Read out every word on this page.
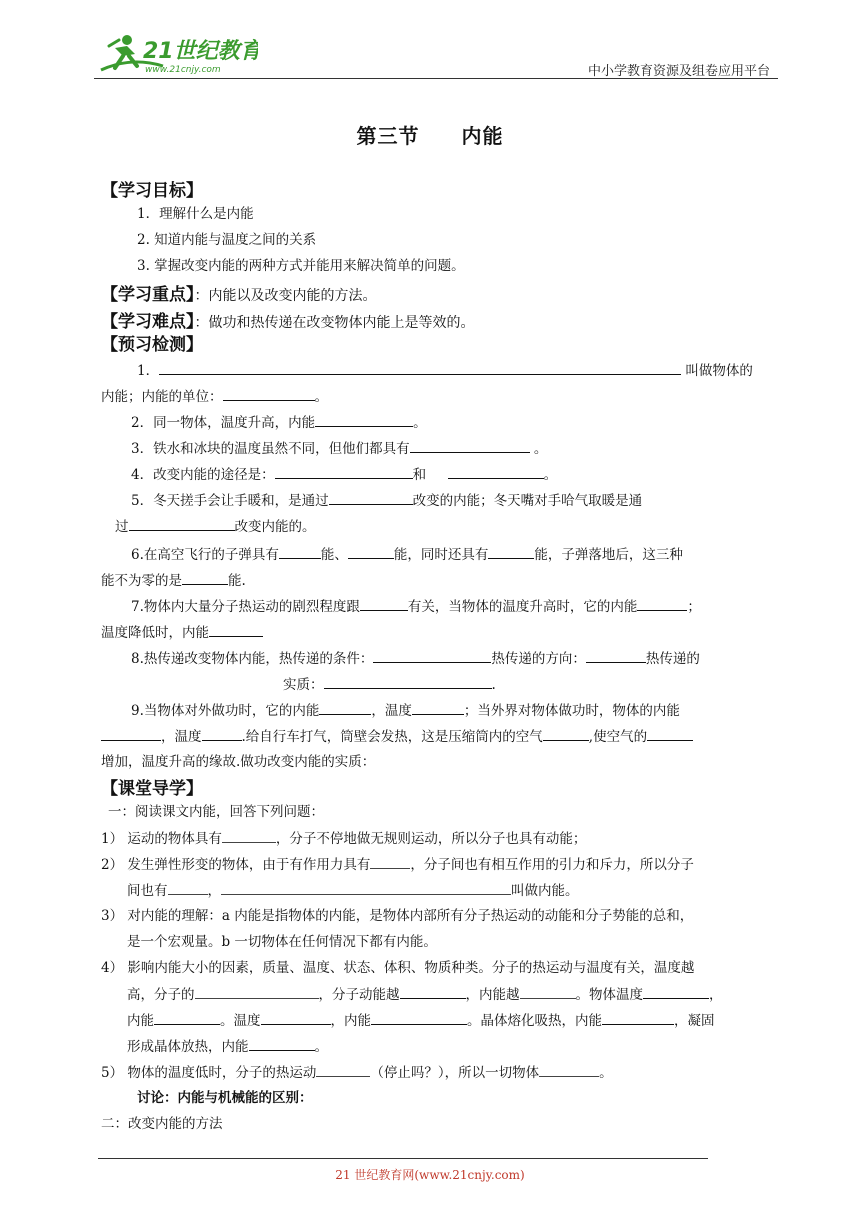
21世纪教育
www.21cnjy.com	中小学教育资源及组卷应用平台
第三节　　内能
【学习目标】
1．理解什么是内能
2. 知道内能与温度之间的关系
3. 掌握改变内能的两种方式并能用来解决简单的问题。
【学习重点】：内能以及改变内能的方法。
【学习难点】：做功和热传递在改变物体内能上是等效的。
【预习检测】
1．	叫做物体的
内能；内能的单位：	。
2．同一物体，温度升高，内能	。
3．铁水和冰块的温度虽然不同，但他们都具有	。
4．改变内能的途径是：	和	。
5．冬天搓手会让手暖和，是通过	改变的内能；冬天嘴对手哈气取暖是通
过	改变内能的。
6.在高空飞行的子弹具有	能、	能，同时还具有	能，子弹落地后，这三种
能不为零的是	能.
7.物体内大量分子热运动的剧烈程度跟	有关，当物体的温度升高时，它的内能	；
温度降低时，内能
8.热传递改变物体内能，热传递的条件：	热传递的方向：	热传递的
实质：	.
9.当物体对外做功时，它的内能	，温度	；当外界对物体做功时，物体的内能
，温度	.给自行车打气，筒壁会发热，这是压缩筒内的空气	,使空气的
增加，温度升高的缘故.做功改变内能的实质：
【课堂导学】
一：阅读课文内能，回答下列问题：
1） 运动的物体具有	，分子不停地做无规则运动，所以分子也具有动能；
2） 发生弹性形变的物体，由于有作用力具有	，分子间也有相互作用的引力和斥力，所以分子
间也有	，	叫做内能。
3） 对内能的理解：a 内能是指物体的内能，是物体内部所有分子热运动的动能和分子势能的总和，
是一个宏观量。b 一切物体在任何情况下都有内能。
4） 影响内能大小的因素，质量、温度、状态、体积、物质种类。分子的热运动与温度有关，温度越
高，分子的	，分子动能越	，内能越	。物体温度	，
内能	。温度	，内能	。晶体熔化吸热，内能	，凝固
形成晶体放热，内能	。
5） 物体的温度低时，分子的热运动	（停止吗？），所以一切物体	。
讨论：内能与机械能的区别：
二：改变内能的方法
21 世纪教育网(www.21cnjy.com)
